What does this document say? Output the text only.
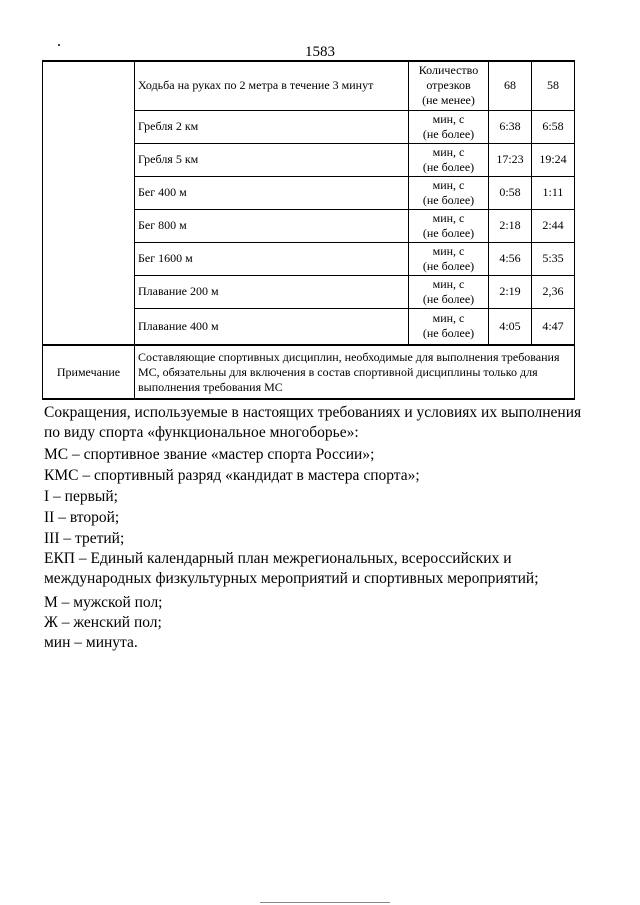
1583
	Ходьба на руках по 2 метра в течение 3 минут	Количество
отрезков
(не менее)	68	58
	Гребля 2 км	мин, с
(не более)	6:38	6:58
	Гребля 5 км	мин, с
(не более)	17:23	19:24
	Бег 400 м	мин, с
(не более)	0:58	1:11
	Бег 800 м	мин, с
(не более)	2:18	2:44
	Бег 1600 м	мин, с
(не более)	4:56	5:35
	Плавание 200 м	мин, с
(не более)	2:19	2,36
	Плавание 400 м	мин, с
(не более)	4:05	4:47
Примечание	Составляющие спортивных дисциплин, необходимые для выполнения требования МС, обязательны для включения в состав спортивной дисциплины только для выполнения требования МС			
Сокращения, используемые в настоящих требованиях и условиях их выполнения по виду спорта «функциональное многоборье»:
МС – спортивное звание «мастер спорта России»;
КМС – спортивный разряд «кандидат в мастера спорта»;
I – первый;
II – второй;
III – третий;
ЕКП – Единый календарный план межрегиональных, всероссийских и международных физкультурных мероприятий и спортивных мероприятий;
М – мужской пол;
Ж – женский пол;
мин – минута.
